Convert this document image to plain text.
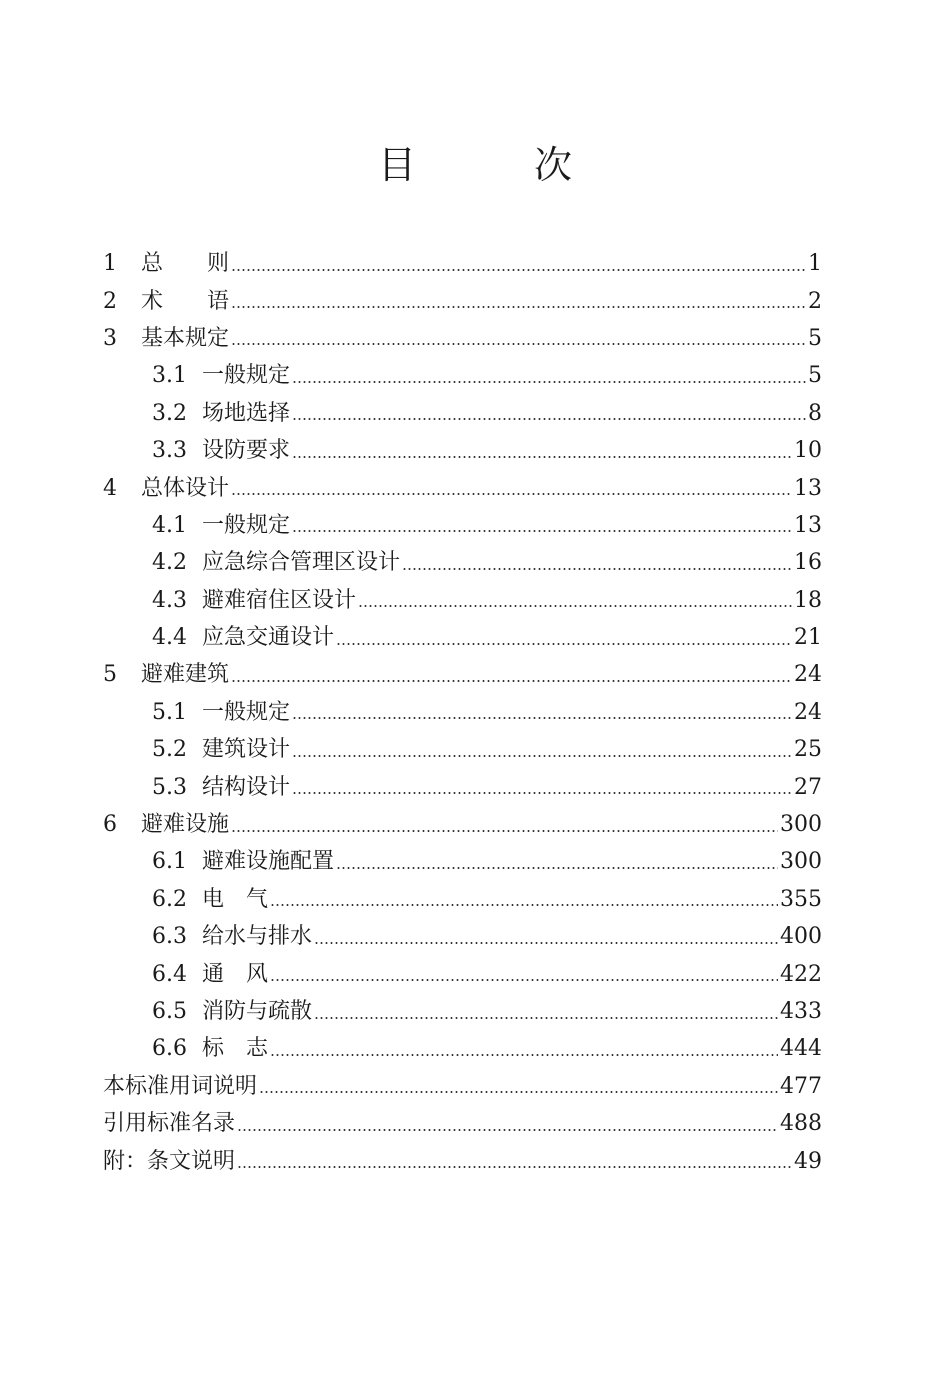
目　次
1	总　　则	1
2	术　　语	2
3	基本规定	5
3.1 一般规定	5
3.2 场地选择	8
3.3 设防要求	10
4	总体设计	13
4.1 一般规定	13
4.2 应急综合管理区设计	16
4.3 避难宿住区设计	18
4.4 应急交通设计	21
5	避难建筑	24
5.1 一般规定	24
5.2 建筑设计	25
5.3 结构设计	27
6	避难设施	300
6.1 避难设施配置	300
6.2 电　气	355
6.3 给水与排水	400
6.4 通　风	422
6.5 消防与疏散	433
6.6 标　志	444
本标准用词说明	477
引用标准名录	488
附：条文说明	49
